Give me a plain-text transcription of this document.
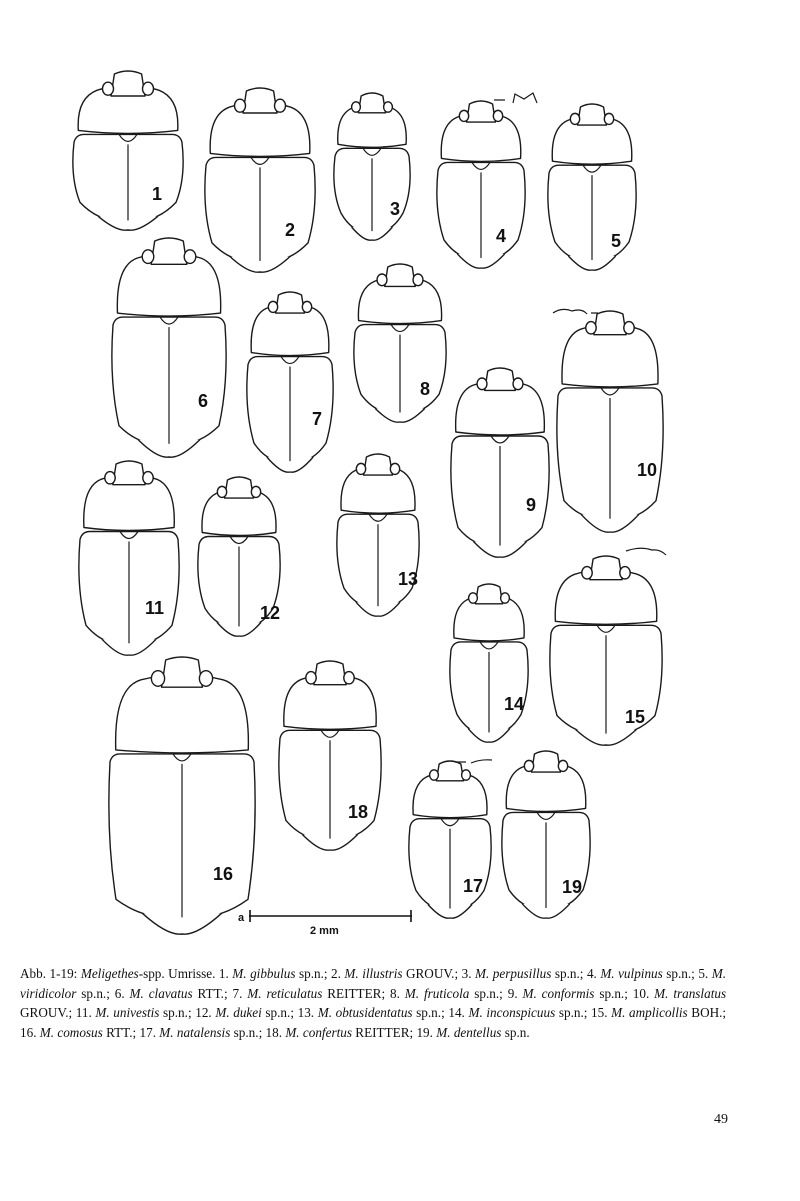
1
2
3
4	5
6
7
8
9
10
11	12
13
14
15
16
17
18
19
a
2 mm
Abb. 1-19: Meligethes-spp. Umrisse. 1. M. gibbulus sp.n.; 2. M. illustris GROUV.; 3. M. perpusillus sp.n.; 4. M. vulpinus sp.n.; 5. M. viridicolor sp.n.; 6. M. clavatus RTT.; 7. M. reticulatus REITTER; 8. M. fruticola sp.n.; 9. M. conformis sp.n.; 10. M. translatus GROUV.; 11. M. univestis sp.n.; 12. M. dukei sp.n.; 13. M. obtusidentatus sp.n.; 14. M. inconspicuus sp.n.; 15. M. amplicollis BOH.; 16. M. comosus RTT.; 17. M. natalensis sp.n.; 18. M. confertus REITTER; 19. M. dentellus sp.n.
49
